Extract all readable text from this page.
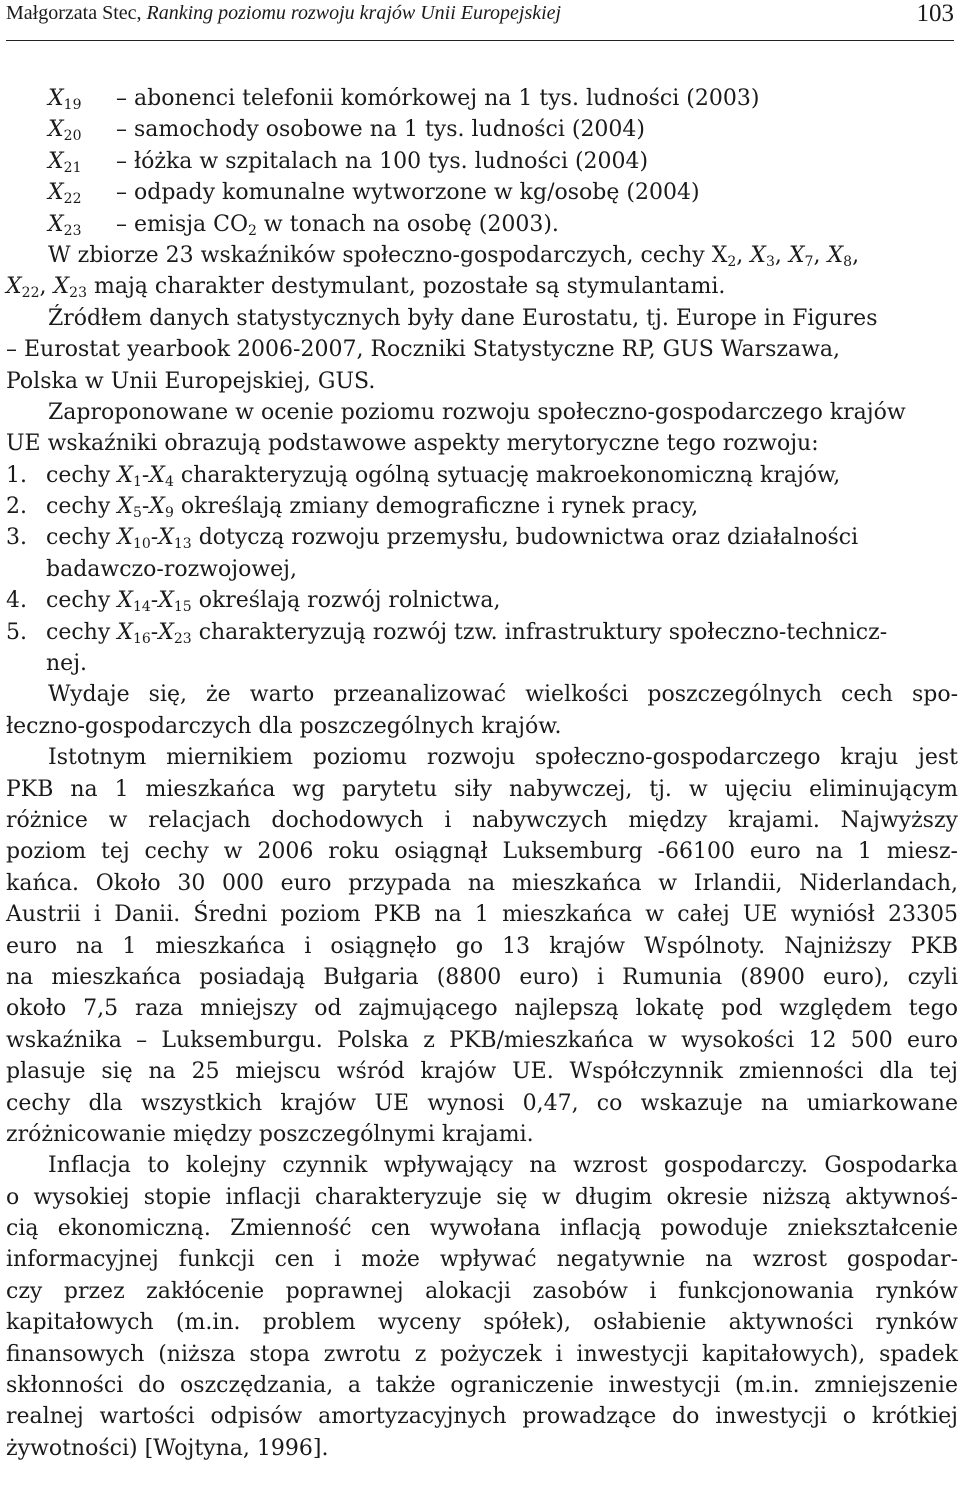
Małgorzata Stec, Ranking poziomu rozwoju krajów Unii Europejskiej	103
$X_{19}$ – abonenci telefonii komórkowej na 1 tys. ludności (2003)
$X_{20}$ – samochody osobowe na 1 tys. ludności (2004)
$X_{21}$ – łóżka w szpitalach na 100 tys. ludności (2004)
$X_{22}$ – odpady komunalne wytworzone w kg/osobę (2004)
$X_{23}$ – emisja $CO_2$ w tonach na osobę (2003).
W zbiorze 23 wskaźników społeczno-gospodarczych, cechy $X_2$, $X_3$, $X_7$, $X_8$,
$X_{22}$, $X_{23}$ mają charakter destymulant, pozostałe są stymulantami.
Źródłem danych statystycznych były dane Eurostatu, tj. Europe in Figures
– Eurostat yearbook 2006-2007, Roczniki Statystyczne RP, GUS Warszawa,
Polska w Unii Europejskiej, GUS.
Zaproponowane w ocenie poziomu rozwoju społeczno-gospodarczego krajów
UE wskaźniki obrazują podstawowe aspekty merytoryczne tego rozwoju:
1. cechy $X_1-X_4$ charakteryzują ogólną sytuację makroekonomiczną krajów,
2. cechy $X_5-X_9$ określają zmiany demograficzne i rynek pracy,
3. cechy $X_{10}-X_{13}$ dotyczą rozwoju przemysłu, budownictwa oraz działalności
badawczo-rozwojowej,
4. cechy $X_{14}-X_{15}$ określają rozwój rolnictwa,
5. cechy $X_{16}-X_{23}$ charakteryzują rozwój tzw. infrastruktury społeczno-technicz-
nej.
Wydaje się, że warto przeanalizować wielkości poszczególnych cech spo-
łeczno-gospodarczych dla poszczególnych krajów.
Istotnym miernikiem poziomu rozwoju społeczno-gospodarczego kraju jest
PKB na 1 mieszkańca wg parytetu siły nabywczej, tj. w ujęciu eliminującym
różnice w relacjach dochodowych i nabywczych między krajami. Najwyższy
poziom tej cechy w 2006 roku osiągnął Luksemburg -66100 euro na 1 miesz-
kańca. Około 30 000 euro przypada na mieszkańca w Irlandii, Niderlandach,
Austrii i Danii. Średni poziom PKB na 1 mieszkańca w całej UE wyniósł 23305
euro na 1 mieszkańca i osiągnęło go 13 krajów Wspólnoty. Najniższy PKB
na mieszkańca posiadają Bułgaria (8800 euro) i Rumunia (8900 euro), czyli
około 7,5 raza mniejszy od zajmującego najlepszą lokatę pod względem tego
wskaźnika – Luksemburgu. Polska z PKB/mieszkańca w wysokości 12 500 euro
plasuje się na 25 miejscu wśród krajów UE. Współczynnik zmienności dla tej
cechy dla wszystkich krajów UE wynosi 0,47, co wskazuje na umiarkowane
zróżnicowanie między poszczególnymi krajami.
Inflacja to kolejny czynnik wpływający na wzrost gospodarczy. Gospodarka
o wysokiej stopie inflacji charakteryzuje się w długim okresie niższą aktywnoś-
cią ekonomiczną. Zmienność cen wywołana inflacją powoduje zniekształcenie
informacyjnej funkcji cen i może wpływać negatywnie na wzrost gospodar-
czy przez zakłócenie poprawnej alokacji zasobów i funkcjonowania rynków
kapitałowych (m.in. problem wyceny spółek), osłabienie aktywności rynków
finansowych (niższa stopa zwrotu z pożyczek i inwestycji kapitałowych), spadek
skłonności do oszczędzania, a także ograniczenie inwestycji (m.in. zmniejszenie
realnej wartości odpisów amortyzacyjnych prowadzące do inwestycji o krótkiej
żywotności) [Wojtyna, 1996].
